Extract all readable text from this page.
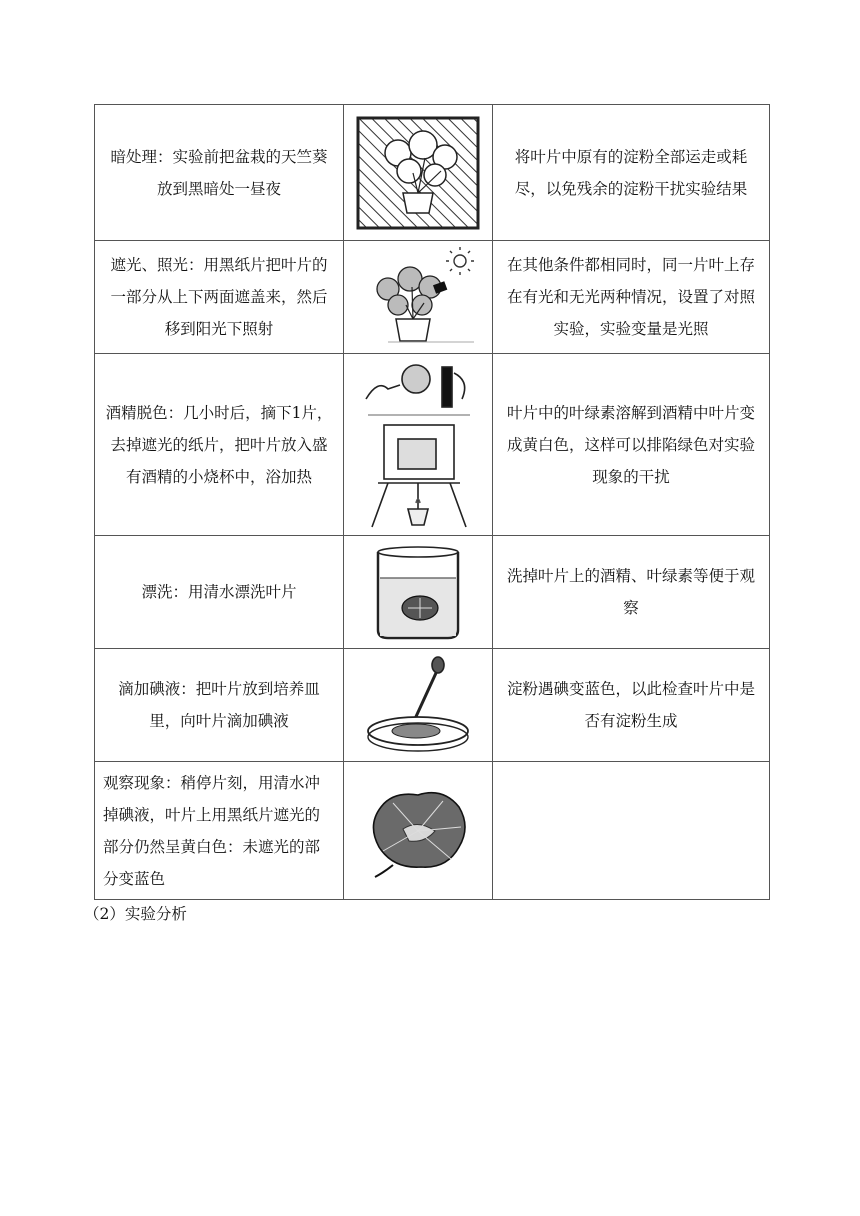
暗处理：实验前把盆栽的天竺葵放到黑暗处一昼夜		将叶片中原有的淀粉全部运走或耗尽，以免残余的淀粉干扰实验结果

遮光、照光：用黑纸片把叶片的一部分从上下两面遮盖来，然后移到阳光下照射		在其他条件都相同时，同一片叶上存在有光和无光两种情况，设置了对照实验，实验变量是光照

酒精脱色：几小时后，摘下1片，去掉遮光的纸片，把叶片放入盛有酒精的小烧杯中，浴加热		叶片中的叶绿素溶解到酒精中叶片变成黄白色，这样可以排陷绿色对实验现象的干扰

漂洗：用清水漂洗叶片		洗掉叶片上的酒精、叶绿素等便于观察

滴加碘液：把叶片放到培养皿里，向叶片滴加碘液		淀粉遇碘变蓝色，以此检查叶片中是否有淀粉生成

观察现象：稍停片刻，用清水冲掉碘液，叶片上用黑纸片遮光的部分仍然呈黄白色：未遮光的部分变蓝色

（2）实验分析
